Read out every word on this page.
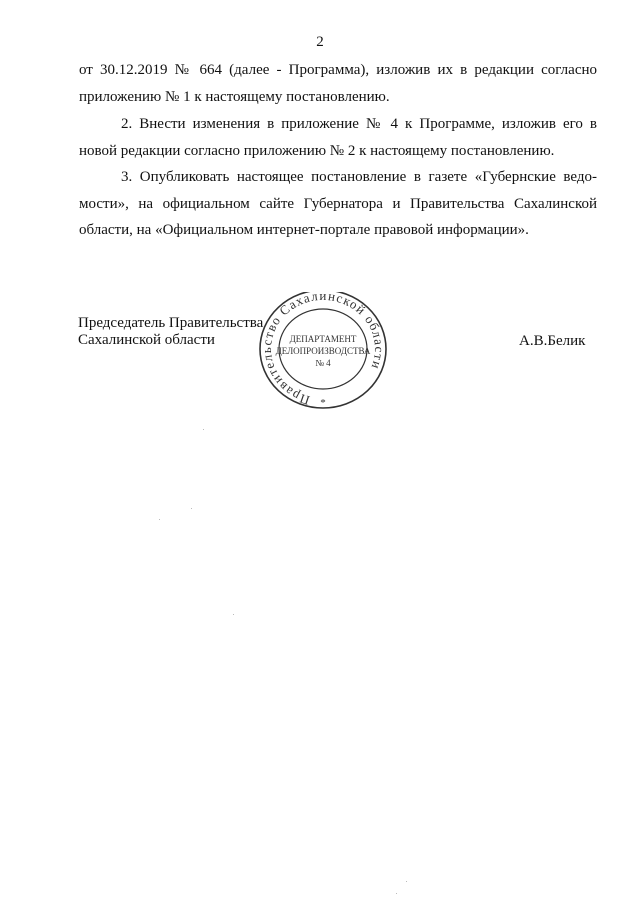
2
от 30.12.2019 № 664 (далее - Программа), изложив их в редакции согласно
приложению № 1 к настоящему постановлению.
2. Внести изменения в приложение № 4 к Программе, изложив его в
новой редакции согласно приложению № 2 к настоящему постановлению.
3. Опубликовать настоящее постановление в газете «Губернские ведо-
мости», на официальном сайте Губернатора и Правительства Сахалинской
области, на «Официальном интернет-портале правовой информации».
Председатель Правительства
Сахалинской области	А.В.Белик
Правительство Сахалинской области
ДЕПАРТАМЕНТ
ДЕЛОПРОИЗВОДСТВА
№ 4
*
